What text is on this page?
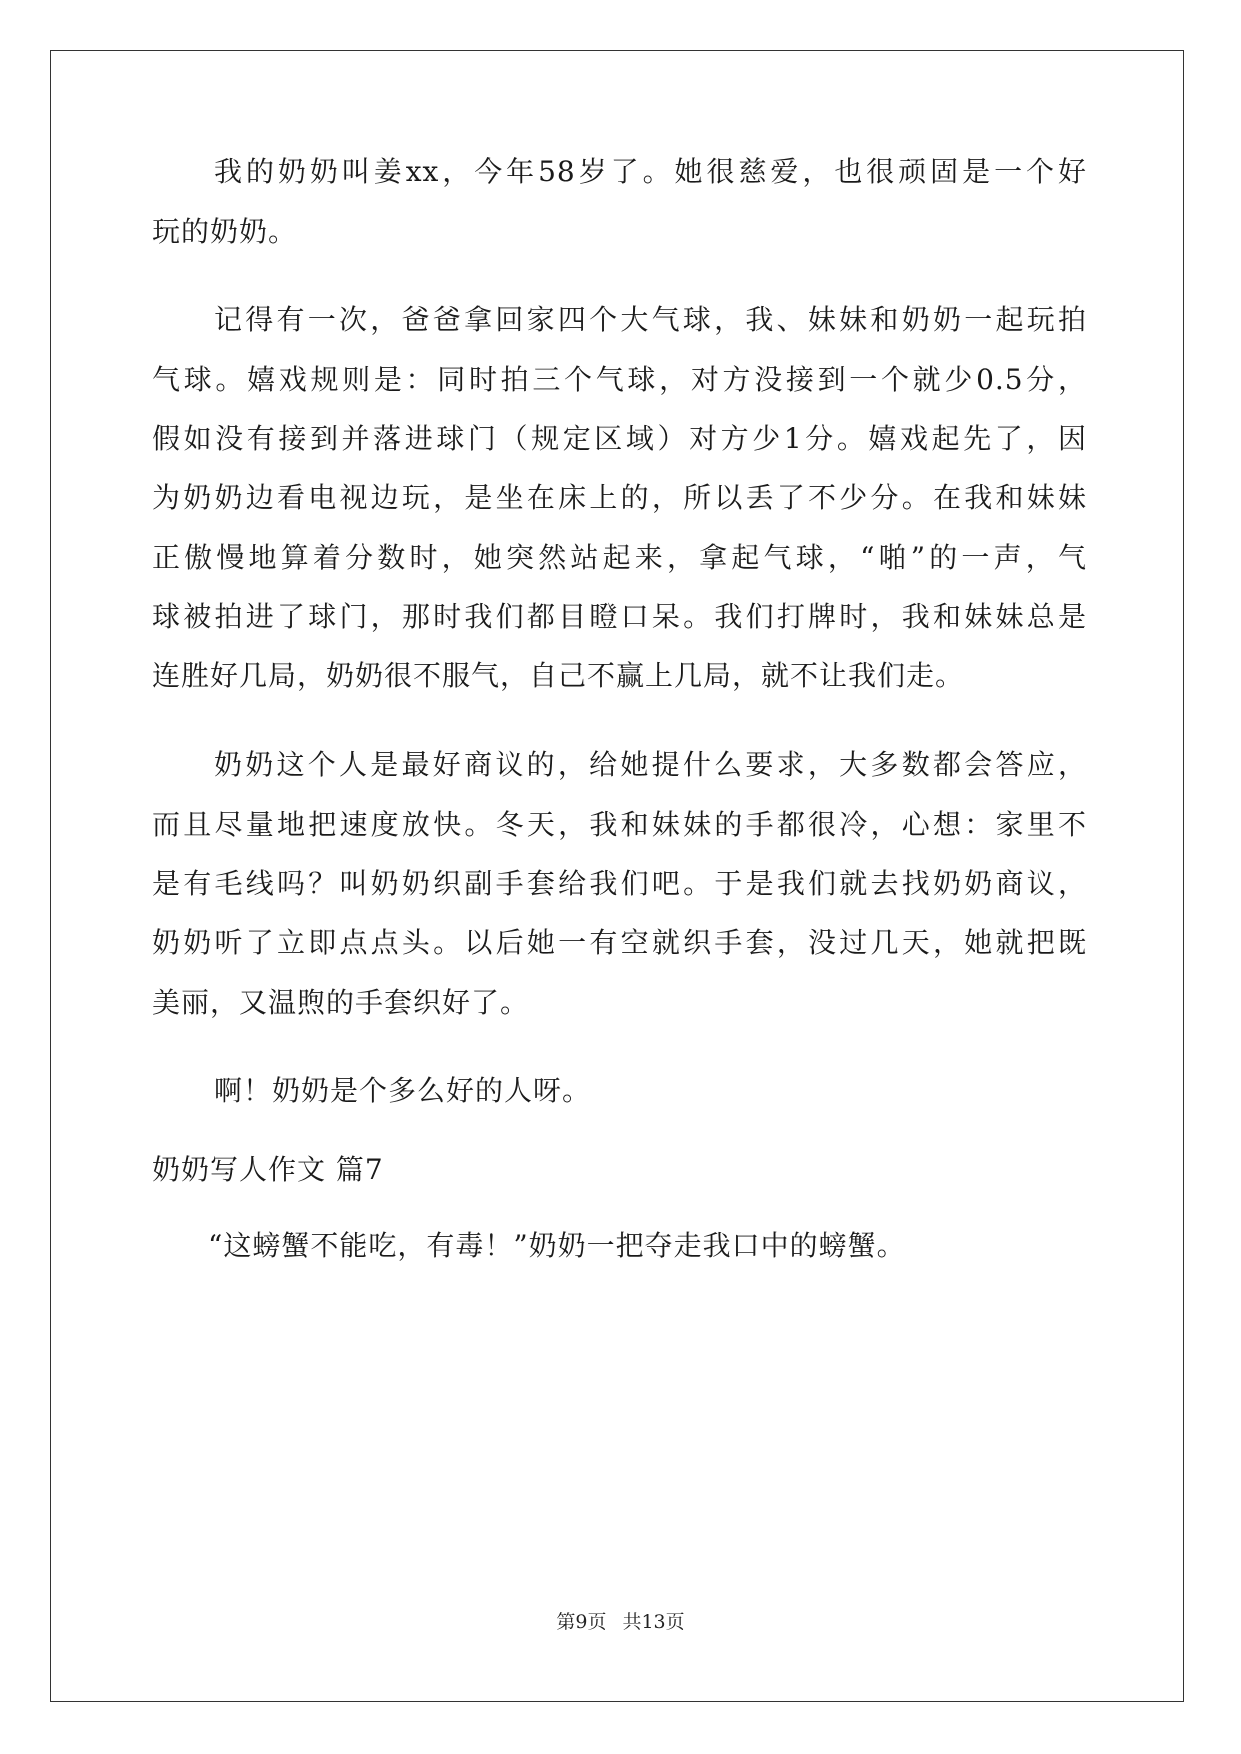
我的奶奶叫姜xx，今年58岁了。她很慈爱，也很顽固是一个好
玩的奶奶。
记得有一次，爸爸拿回家四个大气球，我、妹妹和奶奶一起玩拍
气球。嬉戏规则是：同时拍三个气球，对方没接到一个就少0.5分，
假如没有接到并落进球门（规定区域）对方少1分。嬉戏起先了，因
为奶奶边看电视边玩，是坐在床上的，所以丢了不少分。在我和妹妹
正傲慢地算着分数时，她突然站起来，拿起气球，“啪”的一声，气
球被拍进了球门，那时我们都目瞪口呆。我们打牌时，我和妹妹总是
连胜好几局，奶奶很不服气，自己不赢上几局，就不让我们走。
奶奶这个人是最好商议的，给她提什么要求，大多数都会答应，
而且尽量地把速度放快。冬天，我和妹妹的手都很冷，心想：家里不
是有毛线吗？叫奶奶织副手套给我们吧。于是我们就去找奶奶商议，
奶奶听了立即点点头。以后她一有空就织手套，没过几天，她就把既
美丽，又温煦的手套织好了。
啊！奶奶是个多么好的人呀。
奶奶写人作文 篇7
“这螃蟹不能吃，有毒！”奶奶一把夺走我口中的螃蟹。
第9页 共13页
